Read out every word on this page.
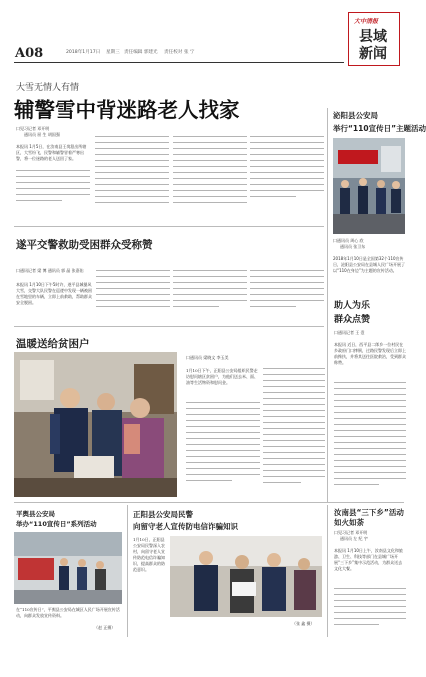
A08	2018年1月17日 星期三 责任编辑 郭建光 责任校对 张 宁
大中清报
县域新闻
大雪无情人有情
辅警雪中背迷路老人找家
口见习记者 邓开明
通讯员 屈 生 胡国强
本报讯 1月5日，在汝南县王岗派出所辖区，大雪纷飞，民警和辅警冒着严寒出警，将一位迷路的老人送回了家。
泌阳县公安局
举行“110宣传日”主题活动
口通讯员 周心 欣
通讯员 张卫东
2018年1月10日是全国第32个110宣传日，泌阳县公安局在县城人民广场开展了以“110在身边”为主题的宣传活动。
遂平交警救助受困群众受称赞
口通讯记者 梁 博 通讯员 郭 晶 张嘉佑
本报讯 1月10日下午5时许，遂平县城暴风大雪，交警大队民警在巡逻中发现一辆被困在雪地里的车辆，立即上前救助，帮助群众安全脱困。
温暖送给贫困户
口通讯员 梁晓文 李玉美
1月10日下午，正阳县公安局组织民警走访慰问辖区贫困户，为他们送去米、面、油等生活物资和慰问金。
助人为乐
群众点赞
口通讯记者 王 壹
本报讯 近日，西平县二郎乡一位村民在乡政府门口摔倒，过路民警发现后立即上前搀扶，并将其送往医院救治，受到群众称赞。
平舆县公安局
举办“110宣传日”系列活动
在“110宣传日”，平舆县公安局在城区人民广场开展宣传活动，向群众发放宣传资料。
（赵 正摄）
正阳县公安局民警
向留守老人宣传防电信诈骗知识
1月10日，正阳县公安局民警深入农村，向留守老人宣传防范电信诈骗知识，提高群众的防范意识。
（张 鑫 摄）
汝南县“三下乡”活动如火如荼
口见习记者 邓开明
通讯员 左 纪 宇
本报讯 1月10日上午，汝南县文化和旅游、卫生、科技等部门在县城广场开展“三下乡”集中示范活动，为群众送去文化大餐。
